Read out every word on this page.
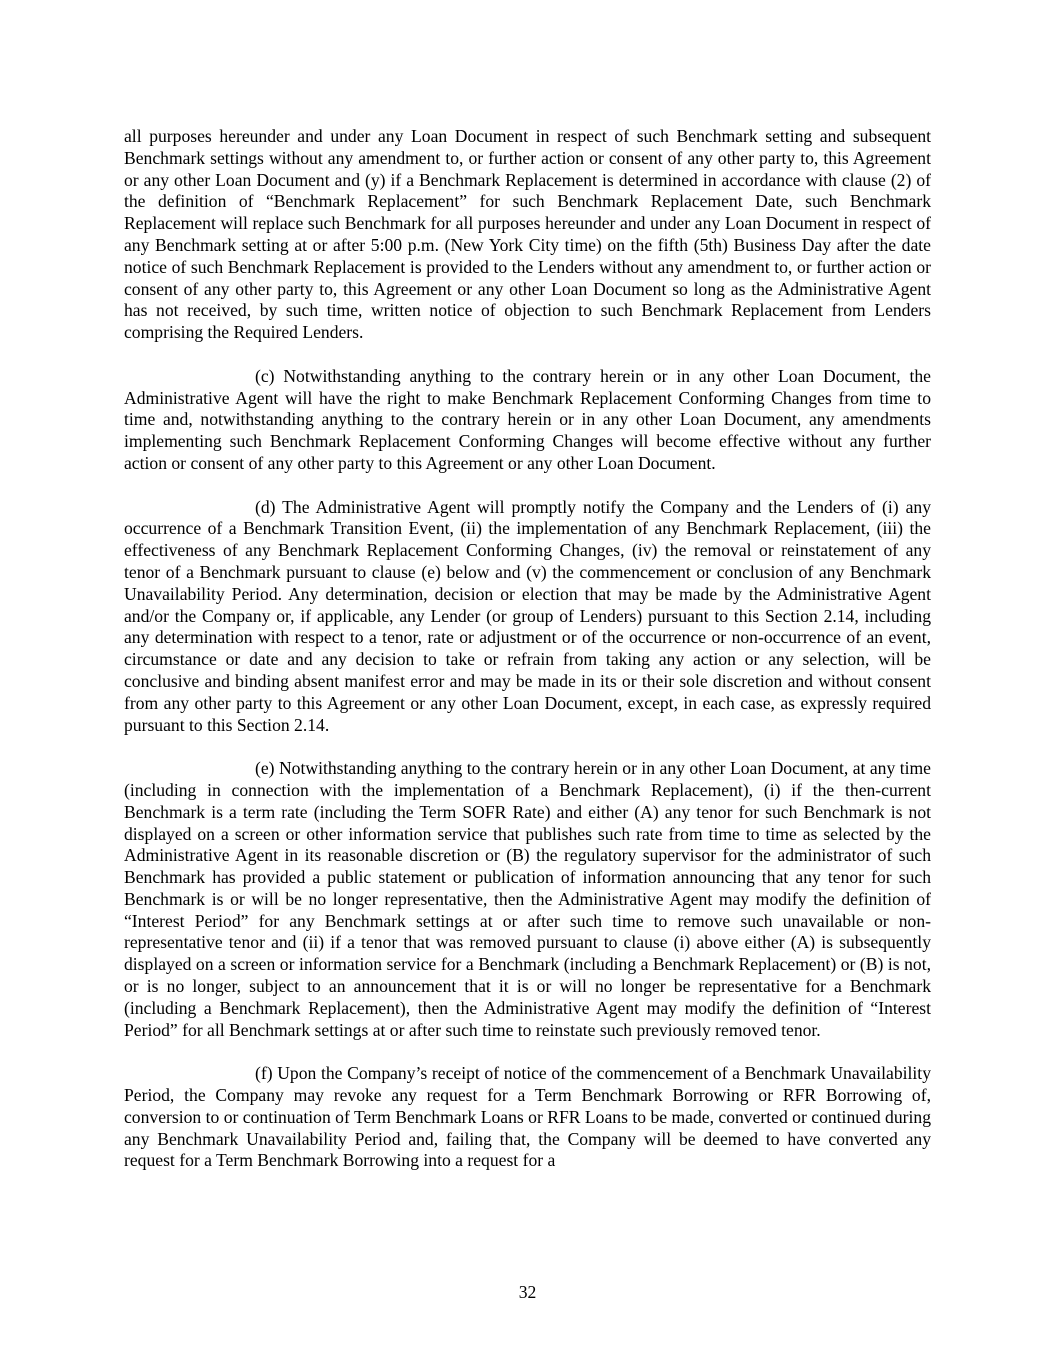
all purposes hereunder and under any Loan Document in respect of such Benchmark setting and subsequent Benchmark settings without any amendment to, or further action or consent of any other party to, this Agreement or any other Loan Document and (y) if a Benchmark Replacement is determined in accordance with clause (2) of the definition of “Benchmark Replacement” for such Benchmark Replacement Date, such Benchmark Replacement will replace such Benchmark for all purposes hereunder and under any Loan Document in respect of any Benchmark setting at or after 5:00 p.m. (New York City time) on the fifth (5th) Business Day after the date notice of such Benchmark Replacement is provided to the Lenders without any amendment to, or further action or consent of any other party to, this Agreement or any other Loan Document so long as the Administrative Agent has not received, by such time, written notice of objection to such Benchmark Replacement from Lenders comprising the Required Lenders.

(c) Notwithstanding anything to the contrary herein or in any other Loan Document, the Administrative Agent will have the right to make Benchmark Replacement Conforming Changes from time to time and, notwithstanding anything to the contrary herein or in any other Loan Document, any amendments implementing such Benchmark Replacement Conforming Changes will become effective without any further action or consent of any other party to this Agreement or any other Loan Document.

(d) The Administrative Agent will promptly notify the Company and the Lenders of (i) any occurrence of a Benchmark Transition Event, (ii) the implementation of any Benchmark Replacement, (iii) the effectiveness of any Benchmark Replacement Conforming Changes, (iv) the removal or reinstatement of any tenor of a Benchmark pursuant to clause (e) below and (v) the commencement or conclusion of any Benchmark Unavailability Period. Any determination, decision or election that may be made by the Administrative Agent and/or the Company or, if applicable, any Lender (or group of Lenders) pursuant to this Section 2.14, including any determination with respect to a tenor, rate or adjustment or of the occurrence or non-occurrence of an event, circumstance or date and any decision to take or refrain from taking any action or any selection, will be conclusive and binding absent manifest error and may be made in its or their sole discretion and without consent from any other party to this Agreement or any other Loan Document, except, in each case, as expressly required pursuant to this Section 2.14.

(e) Notwithstanding anything to the contrary herein or in any other Loan Document, at any time (including in connection with the implementation of a Benchmark Replacement), (i) if the then-current Benchmark is a term rate (including the Term SOFR Rate) and either (A) any tenor for such Benchmark is not displayed on a screen or other information service that publishes such rate from time to time as selected by the Administrative Agent in its reasonable discretion or (B) the regulatory supervisor for the administrator of such Benchmark has provided a public statement or publication of information announcing that any tenor for such Benchmark is or will be no longer representative, then the Administrative Agent may modify the definition of “Interest Period” for any Benchmark settings at or after such time to remove such unavailable or non-representative tenor and (ii) if a tenor that was removed pursuant to clause (i) above either (A) is subsequently displayed on a screen or information service for a Benchmark (including a Benchmark Replacement) or (B) is not, or is no longer, subject to an announcement that it is or will no longer be representative for a Benchmark (including a Benchmark Replacement), then the Administrative Agent may modify the definition of “Interest Period” for all Benchmark settings at or after such time to reinstate such previously removed tenor.

(f) Upon the Company’s receipt of notice of the commencement of a Benchmark Unavailability Period, the Company may revoke any request for a Term Benchmark Borrowing or RFR Borrowing of, conversion to or continuation of Term Benchmark Loans or RFR Loans to be made, converted or continued during any Benchmark Unavailability Period and, failing that, the Company will be deemed to have converted any request for a Term Benchmark Borrowing into a request for a

32
